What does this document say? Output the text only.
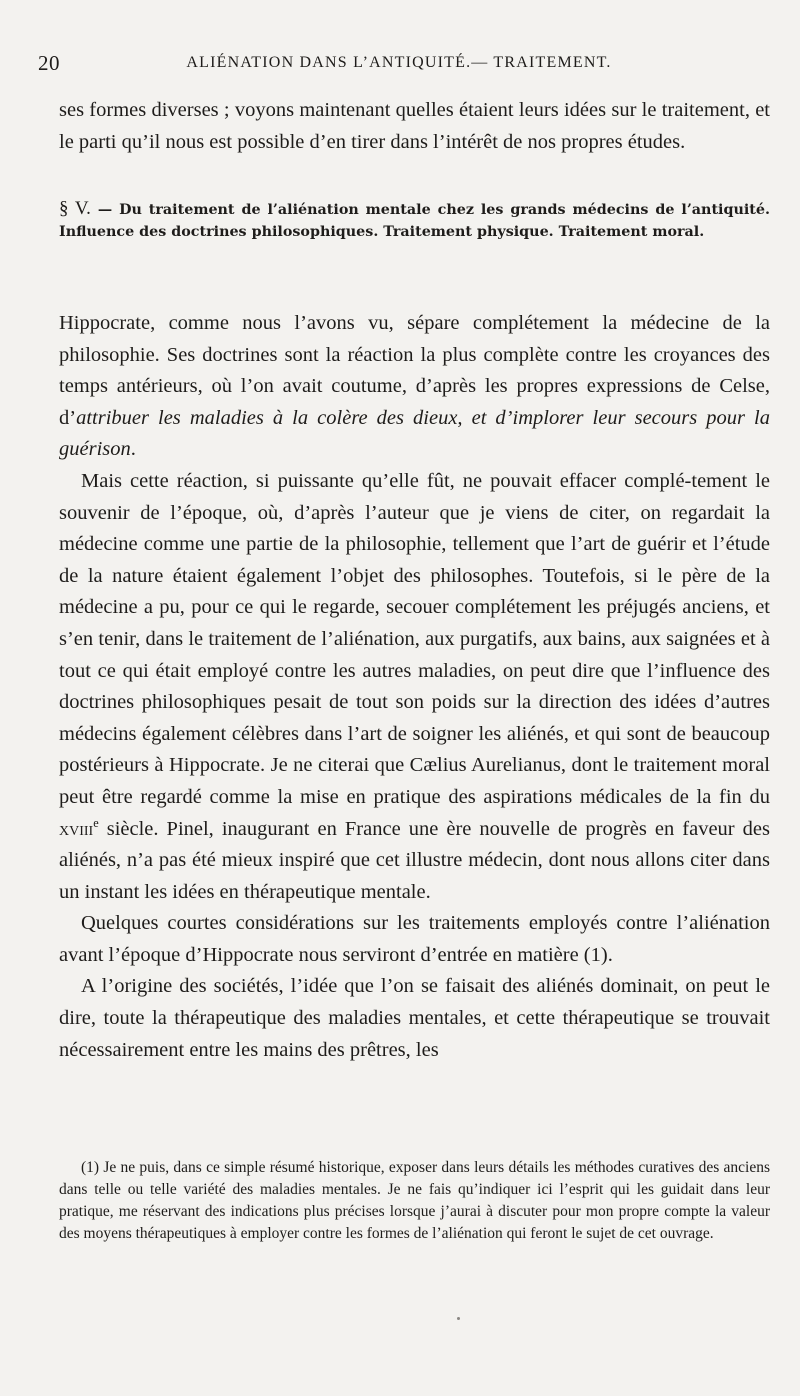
20	ALIÉNATION DANS L’ANTIQUITÉ.— TRAITEMENT.

ses formes diverses ; voyons maintenant quelles étaient leurs idées sur le traitement, et le parti qu’il nous est possible d’en tirer dans l’intérêt de nos propres études.

§ V. — Du traitement de l’aliénation mentale chez les grands médecins de l’antiquité. Influence des doctrines philosophiques. Traitement physique. Traitement moral.

Hippocrate, comme nous l’avons vu, sépare complétement la médecine de la philosophie. Ses doctrines sont la réaction la plus complète contre les croyances des temps antérieurs, où l’on avait coutume, d’après les propres expressions de Celse, d’attribuer les maladies à la colère des dieux, et d’implorer leur secours pour la guérison.

Mais cette réaction, si puissante qu’elle fût, ne pouvait effacer complé-tement le souvenir de l’époque, où, d’après l’auteur que je viens de citer, on regardait la médecine comme une partie de la philosophie, tellement que l’art de guérir et l’étude de la nature étaient également l’objet des philosophes. Toutefois, si le père de la médecine a pu, pour ce qui le regarde, secouer complétement les préjugés anciens, et s’en tenir, dans le traitement de l’aliénation, aux purgatifs, aux bains, aux saignées et à tout ce qui était employé contre les autres maladies, on peut dire que l’influence des doctrines philosophiques pesait de tout son poids sur la direction des idées d’autres médecins également célèbres dans l’art de soigner les aliénés, et qui sont de beaucoup postérieurs à Hippocrate. Je ne citerai que Cælius Aurelianus, dont le traitement moral peut être regardé comme la mise en pratique des aspirations médicales de la fin du xviii$^e$ siècle. Pinel, inaugurant en France une ère nouvelle de progrès en faveur des aliénés, n’a pas été mieux inspiré que cet illustre médecin, dont nous allons citer dans un instant les idées en thérapeutique mentale.

Quelques courtes considérations sur les traitements employés contre l’aliénation avant l’époque d’Hippocrate nous serviront d’entrée en matière (1).

A l’origine des sociétés, l’idée que l’on se faisait des aliénés dominait, on peut le dire, toute la thérapeutique des maladies mentales, et cette thérapeutique se trouvait nécessairement entre les mains des prêtres, les

(1) Je ne puis, dans ce simple résumé historique, exposer dans leurs détails les méthodes curatives des anciens dans telle ou telle variété des maladies mentales. Je ne fais qu’indiquer ici l’esprit qui les guidait dans leur pratique, me réservant des indications plus précises lorsque j’aurai à discuter pour mon propre compte la valeur des moyens thérapeutiques à employer contre les formes de l’aliénation qui feront le sujet de cet ouvrage.
